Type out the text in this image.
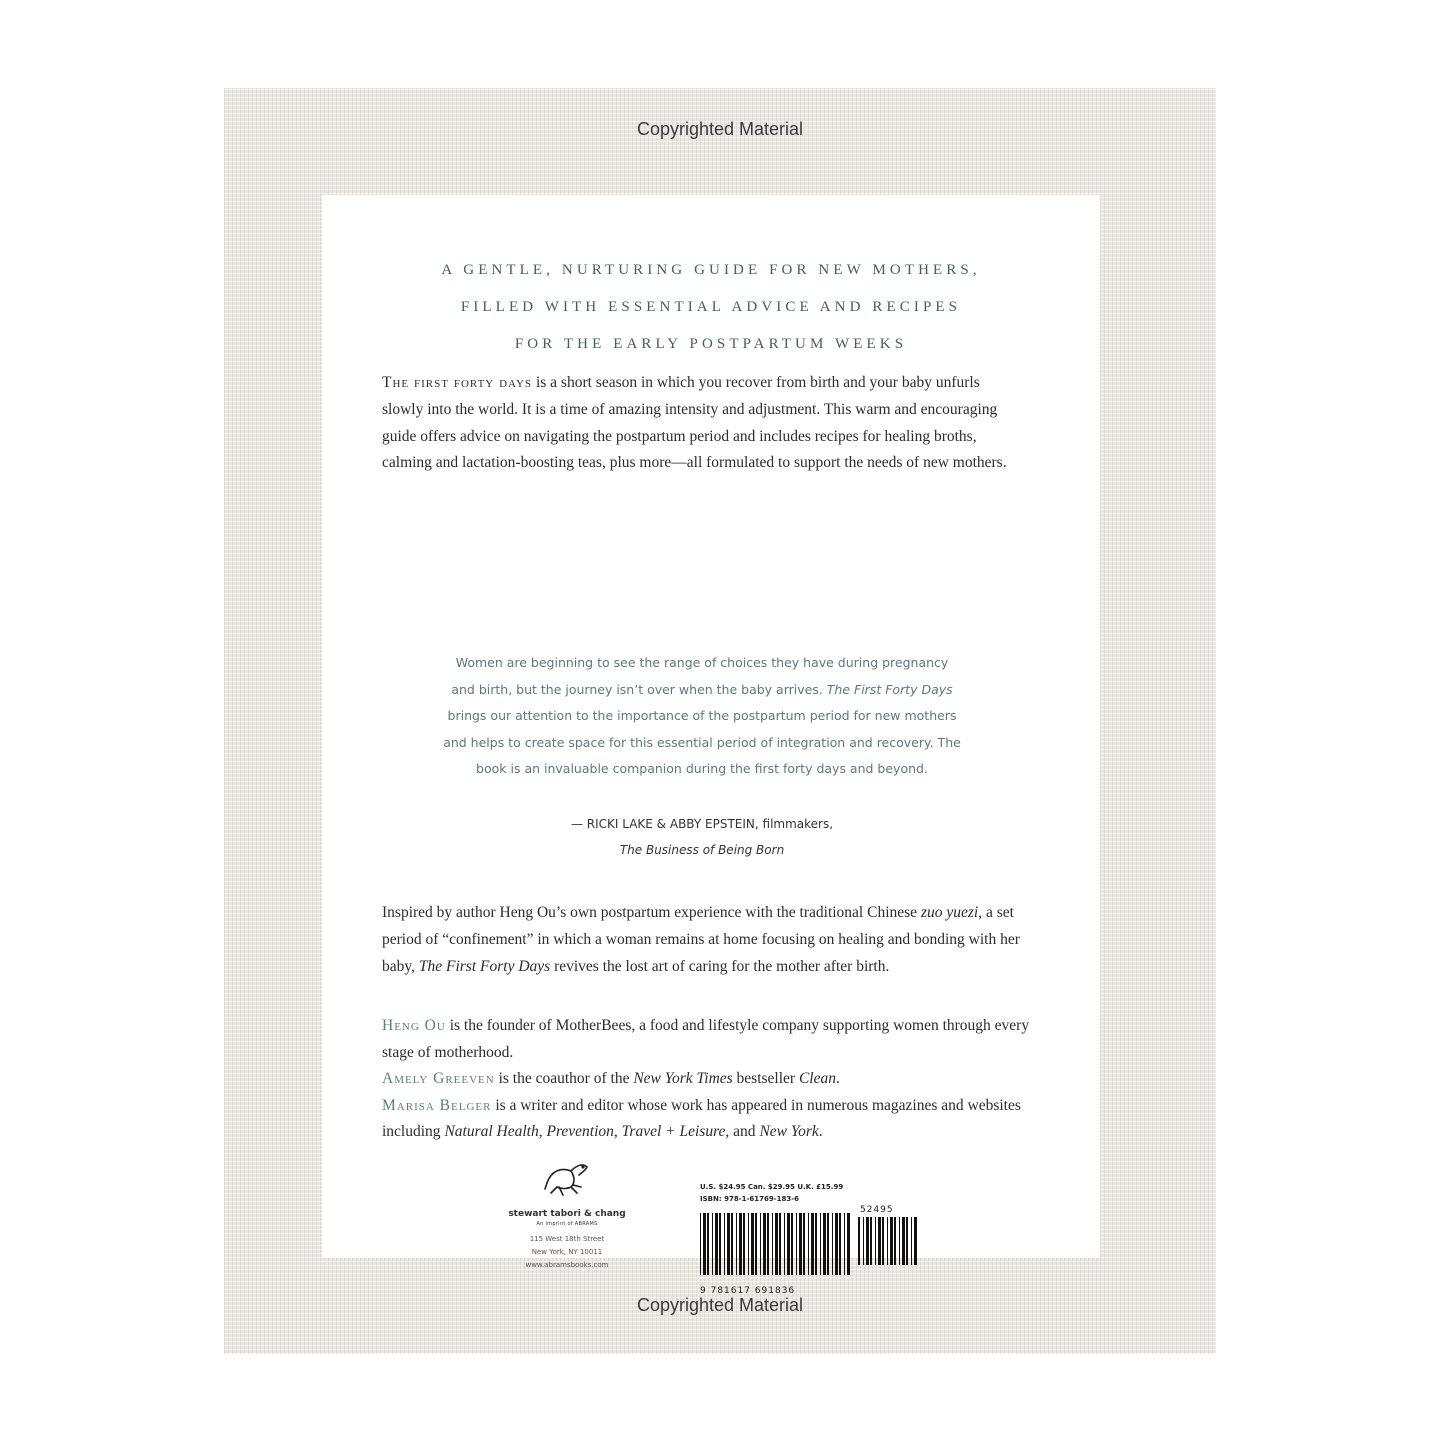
Copyrighted Material
A GENTLE, NURTURING GUIDE FOR NEW MOTHERS,
FILLED WITH ESSENTIAL ADVICE AND RECIPES
FOR THE EARLY POSTPARTUM WEEKS
The first forty days is a short season in which you recover from birth and your baby unfurls slowly into the world. It is a time of amazing intensity and adjustment. This warm and encouraging guide offers advice on navigating the postpartum period and includes recipes for healing broths, calming and lactation-boosting teas, plus more—all formulated to support the needs of new mothers.
Women are beginning to see the range of choices they have during pregnancy and birth, but the journey isn’t over when the baby arrives. The First Forty Days brings our attention to the importance of the postpartum period for new mothers and helps to create space for this essential period of integration and recovery. The book is an invaluable companion during the first forty days and beyond.
— RICKI LAKE & ABBY EPSTEIN, filmmakers,
The Business of Being Born
Inspired by author Heng Ou’s own postpartum experience with the traditional Chinese zuo yuezi, a set period of “confinement” in which a woman remains at home focusing on healing and bonding with her baby, The First Forty Days revives the lost art of caring for the mother after birth.
Heng Ou is the founder of MotherBees, a food and lifestyle company supporting women through every stage of motherhood.
Amely Greeven is the coauthor of the New York Times bestseller Clean.
Marisa Belger is a writer and editor whose work has appeared in numerous magazines and websites including Natural Health, Prevention, Travel + Leisure, and New York.
stewart tabori & chang
An imprint of ABRAMS
115 West 18th Street
New York, NY 10011
www.abramsbooks.com
U.S. $24.95 Can. $29.95 U.K. £15.99
ISBN: 978-1-61769-183-6
52495
9 781617 691836
Copyrighted Material
